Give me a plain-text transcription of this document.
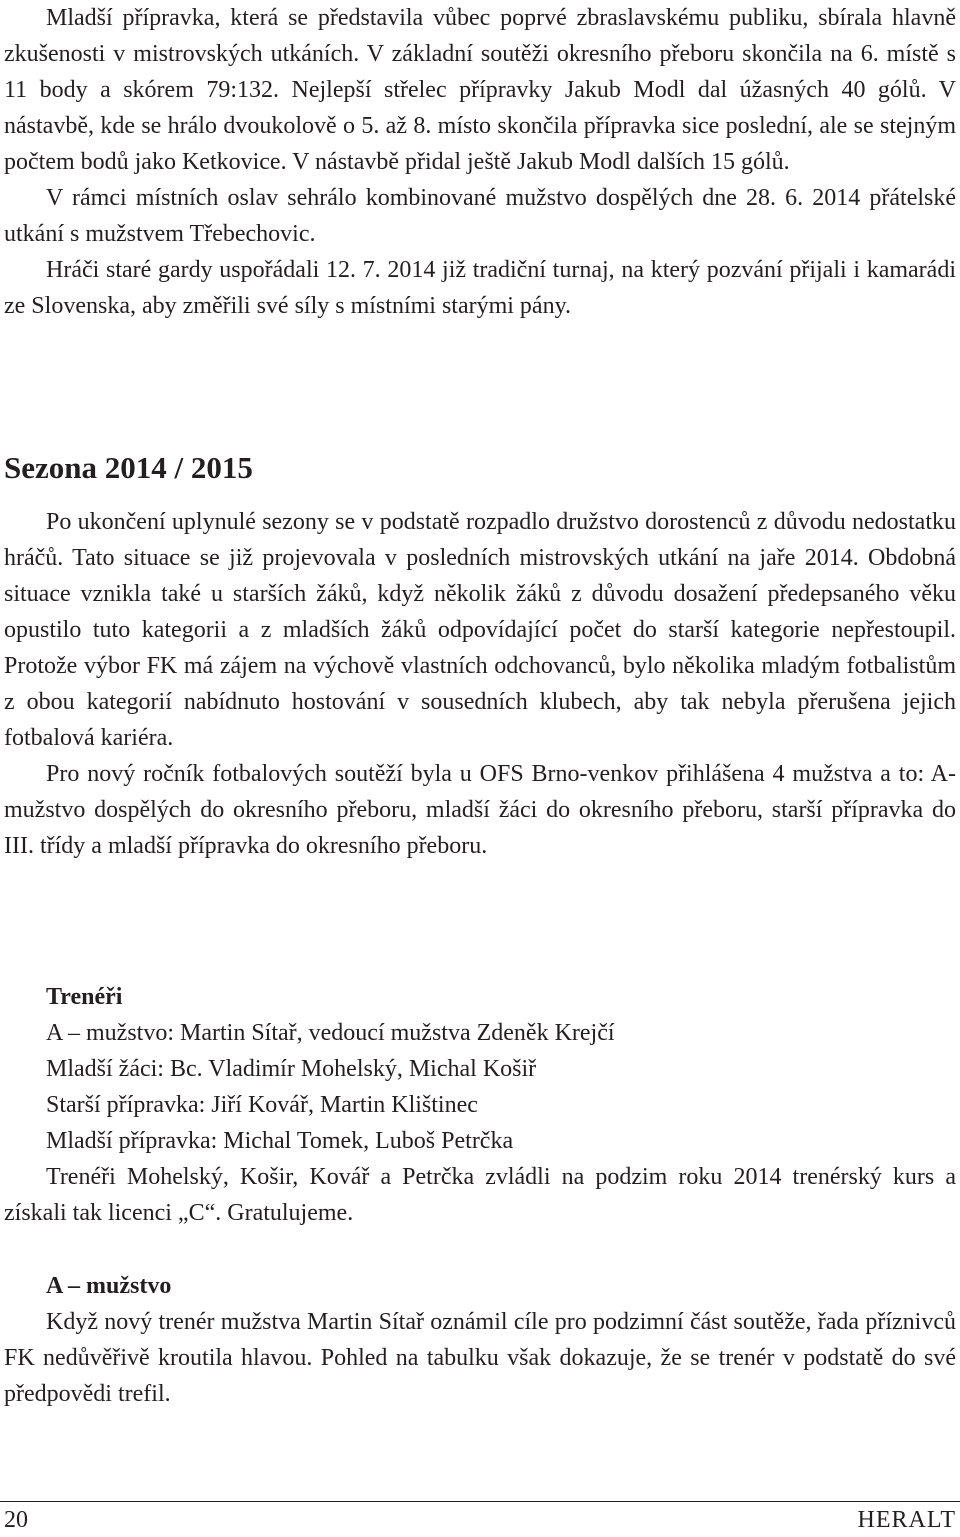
Mladší přípravka, která se představila vůbec poprvé zbraslavskému publiku, sbírala hlavně zkušenosti v mistrovských utkáních. V základní soutěži okresního přeboru skončila na 6. místě s 11 body a skórem 79:132. Nejlepší střelec přípravky Jakub Modl dal úžasných 40 gólů. V nástavbě, kde se hrálo dvoukolově o 5. až 8. místo skončila přípravka sice poslední, ale se stejným počtem bodů jako Ketkovice. V nástavbě přidal ještě Jakub Modl dalších 15 gólů.

V rámci místních oslav sehrálo kombinované mužstvo dospělých dne 28. 6. 2014 přátelské utkání s mužstvem Třebechovic.

Hráči staré gardy uspořádali 12. 7. 2014 již tradiční turnaj, na který pozvání přijali i kamarádi ze Slovenska, aby změřili své síly s místními starými pány.

Sezona 2014 / 2015

Po ukončení uplynulé sezony se v podstatě rozpadlo družstvo dorostenců z důvodu nedostatku hráčů. Tato situace se již projevovala v posledních mistrovských utkání na jaře 2014. Obdobná situace vznikla také u starších žáků, když několik žáků z důvodu dosažení předepsaného věku opustilo tuto kategorii a z mladších žáků odpovídající počet do starší kategorie nepřestoupil. Protože výbor FK má zájem na výchově vlastních odchovanců, bylo několika mladým fotbalistům z obou kategorií nabídnuto hostování v sousedních klubech, aby tak nebyla přerušena jejich fotbalová kariéra.

Pro nový ročník fotbalových soutěží byla u OFS Brno-venkov přihlášena 4 mužstva a to: A- mužstvo dospělých do okresního přeboru, mladší žáci do okresního přeboru, starší přípravka do III. třídy a mladší přípravka do okresního přeboru.

Trenéři
A – mužstvo: Martin Sítař, vedoucí mužstva Zdeněk Krejčí
Mladší žáci: Bc. Vladimír Mohelský, Michal Košiř
Starší přípravka: Jiří Kovář, Martin Klištinec
Mladší přípravka: Michal Tomek, Luboš Petrčka

Trenéři Mohelský, Košir, Kovář a Petrčka zvládli na podzim roku 2014 trenérský kurs a získali tak licenci „C“. Gratulujeme.

A – mužstvo

Když nový trenér mužstva Martin Sítař oznámil cíle pro podzimní část soutěže, řada příznivců FK nedůvěřivě kroutila hlavou. Pohled na tabulku však dokazuje, že se trenér v podstatě do své předpovědi trefil.

20	HERALT
